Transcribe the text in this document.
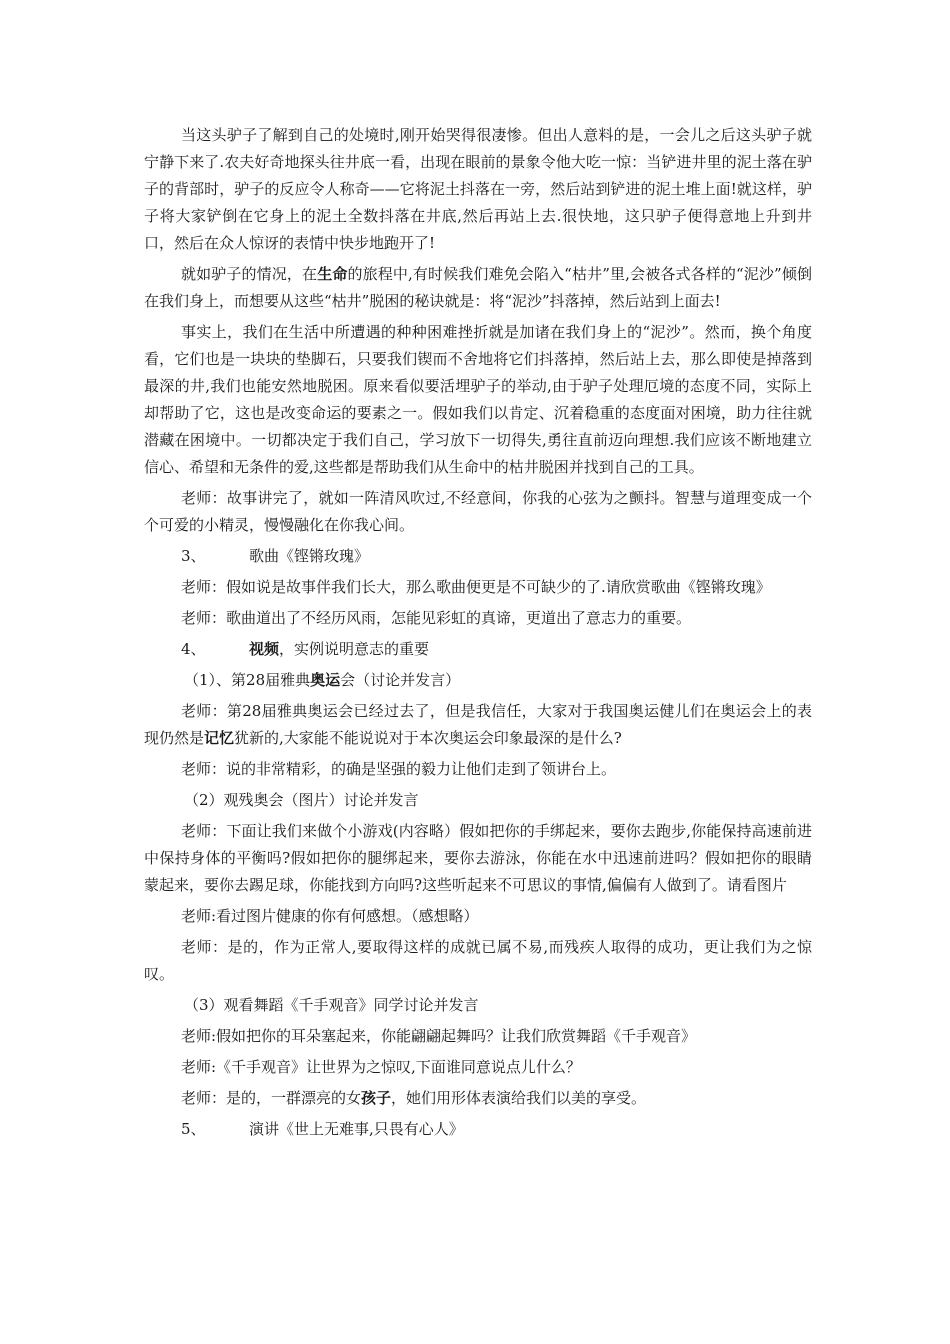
当这头驴子了解到自己的处境时,刚开始哭得很凄惨。但出人意料的是，一会儿之后这头驴子就宁静下来了.农夫好奇地探头往井底一看，出现在眼前的景象令他大吃一惊：当铲进井里的泥土落在驴子的背部时，驴子的反应令人称奇——它将泥土抖落在一旁，然后站到铲进的泥土堆上面!就这样，驴子将大家铲倒在它身上的泥土全数抖落在井底,然后再站上去.很快地，这只驴子便得意地上升到井口，然后在众人惊讶的表情中快步地跑开了!

就如驴子的情况，在生命的旅程中,有时候我们难免会陷入“枯井”里,会被各式各样的“泥沙”倾倒在我们身上，而想要从这些“枯井”脱困的秘诀就是：将“泥沙”抖落掉，然后站到上面去!

事实上，我们在生活中所遭遇的种种困难挫折就是加诸在我们身上的“泥沙”。然而，换个角度看，它们也是一块块的垫脚石，只要我们锲而不舍地将它们抖落掉，然后站上去，那么即使是掉落到最深的井,我们也能安然地脱困。原来看似要活埋驴子的举动,由于驴子处理厄境的态度不同，实际上却帮助了它，这也是改变命运的要素之一。假如我们以肯定、沉着稳重的态度面对困境，助力往往就潜藏在困境中。一切都决定于我们自己，学习放下一切得失,勇往直前迈向理想.我们应该不断地建立信心、希望和无条件的爱,这些都是帮助我们从生命中的枯井脱困并找到自己的工具。

老师：故事讲完了，就如一阵清风吹过,不经意间，你我的心弦为之颤抖。智慧与道理变成一个个可爱的小精灵，慢慢融化在你我心间。

3、	歌曲《铿锵玫瑰》

老师：假如说是故事伴我们长大，那么歌曲便更是不可缺少的了.请欣赏歌曲《铿锵玫瑰》

老师：歌曲道出了不经历风雨，怎能见彩虹的真谛，更道出了意志力的重要。

4、	视频，实例说明意志的重要

（1）、第28届雅典奥运会（讨论并发言）

老师：第28届雅典奥运会已经过去了，但是我信任，大家对于我国奥运健儿们在奥运会上的表现仍然是记忆犹新的,大家能不能说说对于本次奥运会印象最深的是什么?

老师：说的非常精彩，的确是坚强的毅力让他们走到了领讲台上。

（2）观残奥会（图片）讨论并发言

老师：下面让我们来做个小游戏(内容略）假如把你的手绑起来，要你去跑步,你能保持高速前进中保持身体的平衡吗?假如把你的腿绑起来，要你去游泳，你能在水中迅速前进吗？假如把你的眼睛蒙起来，要你去踢足球，你能找到方向吗?这些听起来不可思议的事情,偏偏有人做到了。请看图片

老师:看过图片健康的你有何感想。（感想略）

老师：是的，作为正常人,要取得这样的成就已属不易,而残疾人取得的成功，更让我们为之惊叹。

（3）观看舞蹈《千手观音》同学讨论并发言

老师:假如把你的耳朵塞起来，你能翩翩起舞吗？让我们欣赏舞蹈《千手观音》

老师:《千手观音》让世界为之惊叹,下面谁同意说点儿什么？

老师：是的，一群漂亮的女孩子，她们用形体表演给我们以美的享受。

5、	演讲《世上无难事,只畏有心人》
